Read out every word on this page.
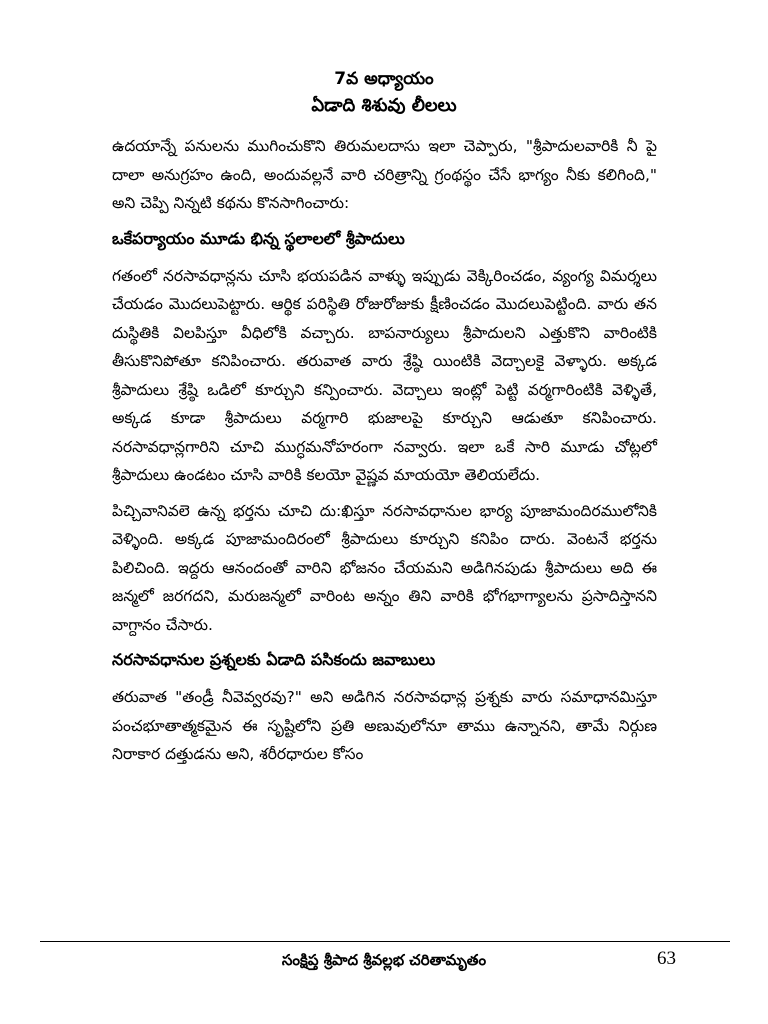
7వ అధ్యాయం
ఏడాది శిశువు లీలలు

ఉదయాన్నే పనులను ముగించుకొని తిరుమలదాసు ఇలా చెప్పారు, "శ్రీపాదులవారికి నీ పై దాలా అనుగ్రహం ఉంది, అందువల్లనే వారి చరిత్రాన్ని గ్రంథస్థం చేసే భాగ్యం నీకు కలిగింది," అని చెప్పి నిన్నటి కథను కొనసాగించారు:

ఒకేపర్యాయం మూడు భిన్న స్థలాలలో శ్రీపాదులు

గతంలో నరసావధాన్లను చూసి భయపడిన వాళ్ళు ఇప్పుడు వెక్కిరించడం, వ్యంగ్య విమర్శలు చేయడం మొదలుపెట్టారు. ఆర్థిక పరిస్థితి రోజురోజుకు క్షీణించడం మొదలుపెట్టింది. వారు తన దుస్థితికి విలపిస్తూ వీధిలోకి వచ్చారు. బాపనార్యులు శ్రీపాదులని ఎత్తుకొని వారింటికి తీసుకొనిపోతూ కనిపించారు. తరువాత వారు శ్రేష్ఠి యింటికి వెద్చాలకై వెళ్ళారు. అక్కడ శ్రీపాదులు శ్రేష్ఠి ఒడిలో కూర్చుని కన్పించారు. వెద్చాలు ఇంట్లో పెట్టి వర్మగారింటికి వెళ్ళితే, అక్కడ కూడా శ్రీపాదులు వర్మగారి భుజాలపై కూర్చుని ఆడుతూ కనిపించారు. నరసావధాన్లగారిని చూచి ముగ్ధమనోహరంగా నవ్వారు. ఇలా ఒకే సారి మూడు చోట్లలో శ్రీపాదులు ఉండటం చూసి వారికి కలయో వైష్ణవ మాయయో తెలియలేదు.

పిచ్చివానివలె ఉన్న భర్తను చూచి దు:ఖిస్తూ నరసావధానుల భార్య పూజామందిరములోనికి వెళ్ళింది. అక్కడ పూజామందిరంలో శ్రీపాదులు కూర్చుని కనిపిం దారు. వెంటనే భర్తను పిలిచింది. ఇద్దరు ఆనందంతో వారిని భోజనం చేయమని అడిగినపుడు శ్రీపాదులు అది ఈ జన్మలో జరగదని, మరుజన్మలో వారింట అన్నం తిని వారికి భోగభాగ్యాలను ప్రసాదిస్తానని వాగ్దానం చేసారు.

నరసావధానుల ప్రశ్నలకు ఏడాది పసికందు జవాబులు

తరువాత "తండ్రీ నీవెవ్వరవు?" అని అడిగిన నరసావధాన్ల ప్రశ్నకు వారు సమాధానమిస్తూ పంచభూతాత్మకమైన ఈ సృష్టిలోని ప్రతి అణువులోనూ తాము ఉన్నానని, తామే నిర్గుణ నిరాకార దత్తుడను అని, శరీరధారుల కోసం

సంక్షిప్త శ్రీపాద శ్రీవల్లభ చరితామృతం	63
